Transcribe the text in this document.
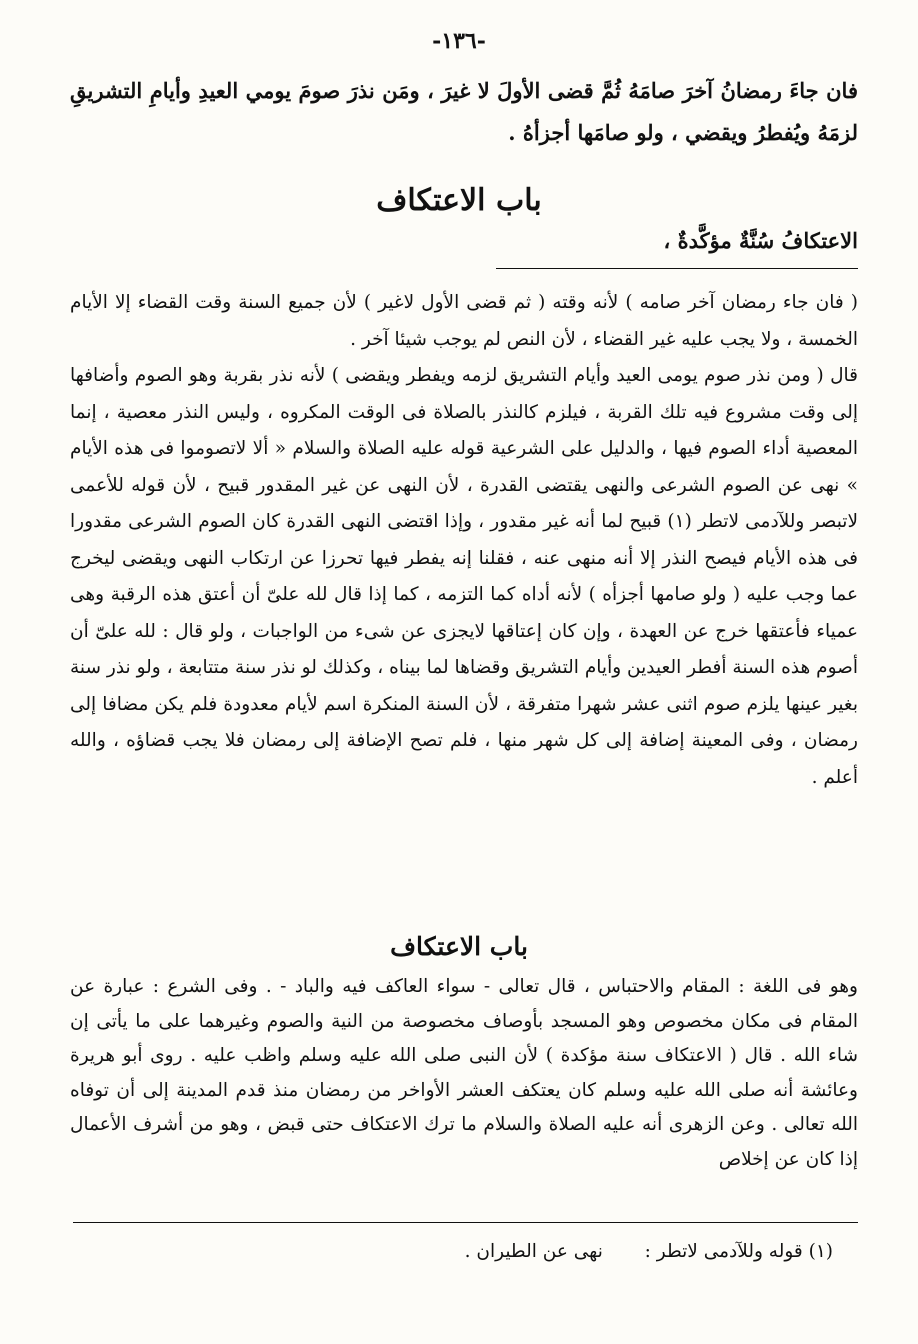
-١٣٦-
فان جاءَ رمضانُ آخرَ صامَهُ ثُمَّ قضى الأولَ لا غيرَ ، ومَن نذرَ صومَ يومي العيدِ وأيامِ التشريقِ لزمَهُ ويُفطرُ ويقضي ، ولو صامَها أجزأهُ .
باب الاعتكاف
الاعتكافُ سُنَّةٌ مؤكَّدةٌ ،
( فان جاء رمضان آخر صامه ) لأنه وقته ( ثم قضى الأول لاغير ) لأن جميع السنة وقت القضاء إلا الأيام الخمسة ، ولا يجب عليه غير القضاء ، لأن النص لم يوجب شيئا آخر .
قال ( ومن نذر صوم يومى العيد وأيام التشريق لزمه ويفطر ويقضى ) لأنه نذر بقربة وهو الصوم وأضافها إلى وقت مشروع فيه تلك القربة ، فيلزم كالنذر بالصلاة فى الوقت المكروه ، وليس النذر معصية ، إنما المعصية أداء الصوم فيها ، والدليل على الشرعية قوله عليه الصلاة والسلام « ألا لاتصوموا فى هذه الأيام » نهى عن الصوم الشرعى والنهى يقتضى القدرة ، لأن النهى عن غير المقدور قبيح ، لأن قوله للأعمى لاتبصر وللآدمى لاتطر (١) قبيح لما أنه غير مقدور ، وإذا اقتضى النهى القدرة كان الصوم الشرعى مقدورا فى هذه الأيام فيصح النذر إلا أنه منهى عنه ، فقلنا إنه يفطر فيها تحرزا عن ارتكاب النهى ويقضى ليخرج عما وجب عليه ( ولو صامها أجزأه ) لأنه أداه كما التزمه ، كما إذا قال لله علىّ أن أعتق هذه الرقبة وهى عمياء فأعتقها خرج عن العهدة ، وإن كان إعتاقها لايجزى عن شىء من الواجبات ، ولو قال : لله علىّ أن أصوم هذه السنة أفطر العيدين وأيام التشريق وقضاها لما بيناه ، وكذلك لو نذر سنة متتابعة ، ولو نذر سنة بغير عينها يلزم صوم اثنى عشر شهرا متفرقة ، لأن السنة المنكرة اسم لأيام معدودة فلم يكن مضافا إلى رمضان ، وفى المعينة إضافة إلى كل شهر منها ، فلم تصح الإضافة إلى رمضان فلا يجب قضاؤه ، والله أعلم .
باب الاعتكاف
وهو فى اللغة : المقام والاحتباس ، قال تعالى - سواء العاكف فيه والباد - . وفى الشرع : عبارة عن المقام فى مكان مخصوص وهو المسجد بأوصاف مخصوصة من النية والصوم وغيرهما على ما يأتى إن شاء الله . قال ( الاعتكاف سنة مؤكدة ) لأن النبى صلى الله عليه وسلم واظب عليه . روى أبو هريرة وعائشة أنه صلى الله عليه وسلم كان يعتكف العشر الأواخر من رمضان منذ قدم المدينة إلى أن توفاه الله تعالى . وعن الزهرى أنه عليه الصلاة والسلام ما ترك الاعتكاف حتى قبض ، وهو من أشرف الأعمال إذا كان عن إخلاص
(١) قوله وللآدمى لاتطر :  نهى عن الطيران .
